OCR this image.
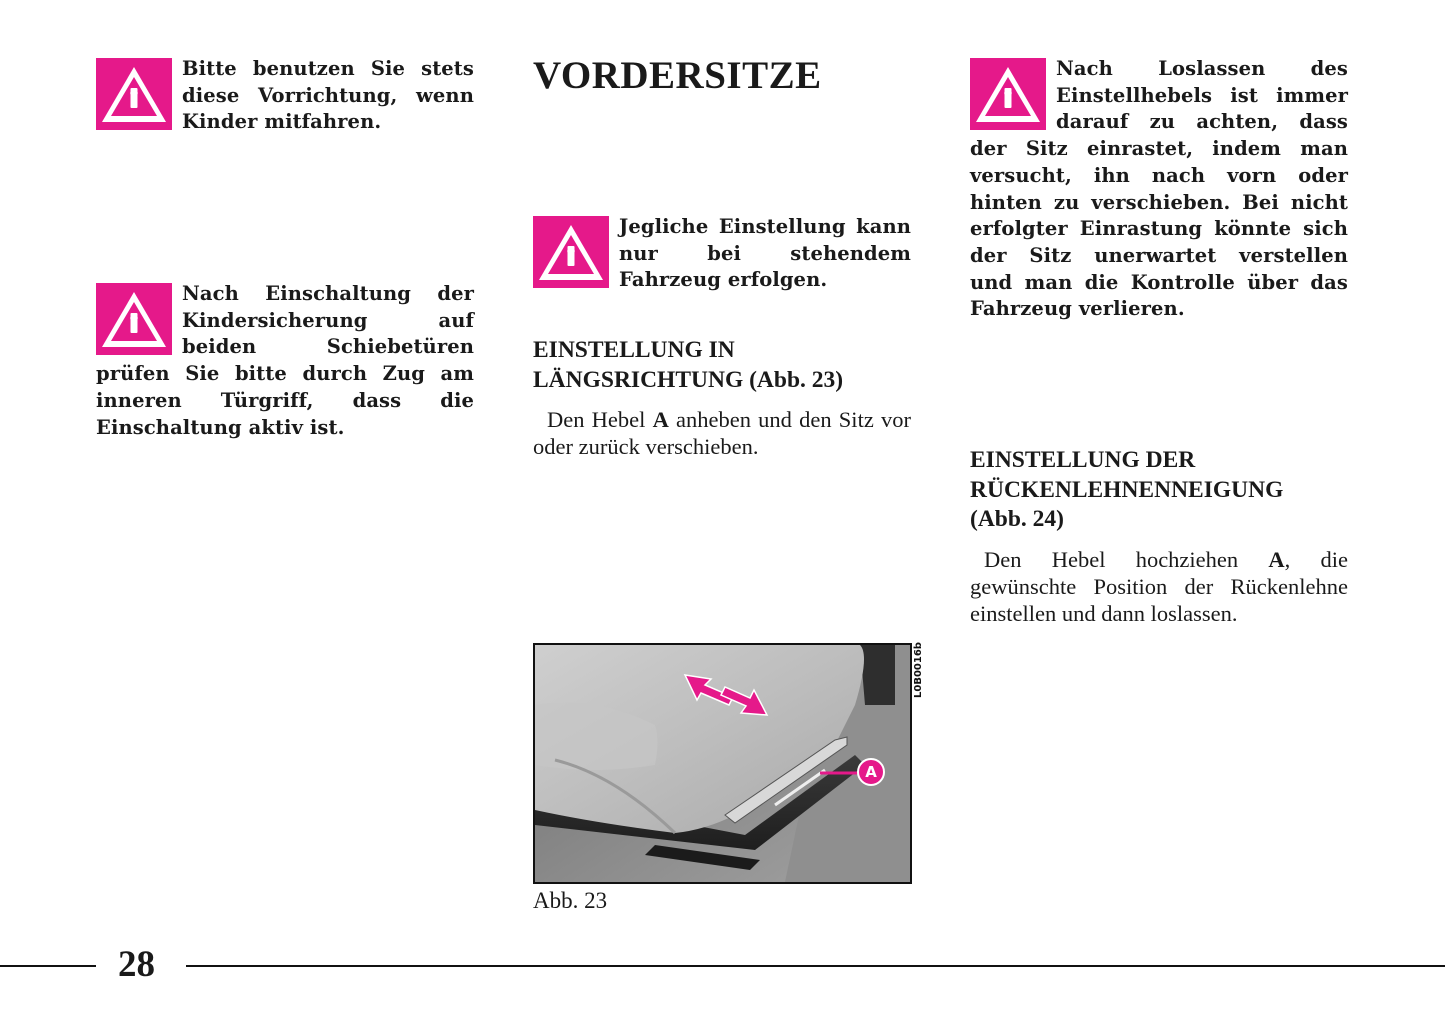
Bitte benutzen Sie stets diese Vorrichtung, wenn Kinder mitfahren.
Nach Einschaltung der Kindersicherung auf beiden Schiebetüren prüfen Sie bitte durch Zug am inneren Türgriff, dass die Einschaltung aktiv ist.
VORDERSITZE
Jegliche Einstellung kann nur bei stehendem Fahrzeug erfolgen.
EINSTELLUNG IN
LÄNGSRICHTUNG (Abb. 23)

Den Hebel A anheben und den Sitz vor oder zurück verschieben.

A
L0B0016b
Abb. 23
Nach Loslassen des Einstellhebels ist immer darauf zu achten, dass der Sitz einrastet, indem man versucht, ihn nach vorn oder hinten zu verschieben. Bei nicht erfolgter Einrastung könnte sich der Sitz unerwartet verstellen und man die Kontrolle über das Fahrzeug verlieren.
EINSTELLUNG DER
RÜCKENLEHNENNEIGUNG
(Abb. 24)

Den Hebel hochziehen A, die gewünschte Position der Rückenlehne einstellen und dann loslassen.

28
